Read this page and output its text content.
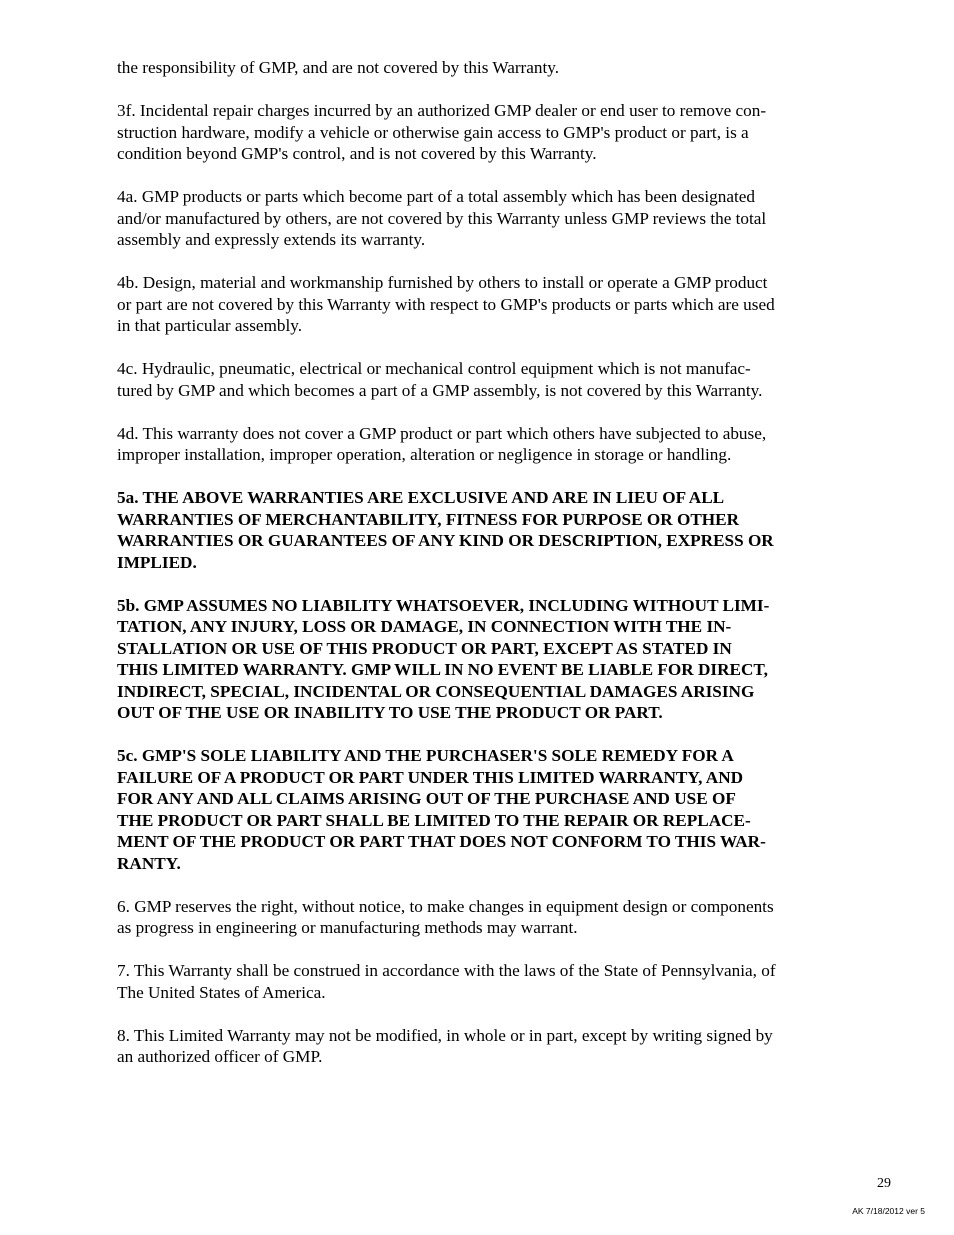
the responsibility of GMP, and are not covered by this Warranty.
3f. Incidental repair charges incurred by an authorized GMP dealer or end user to remove con-
struction hardware, modify a vehicle or otherwise gain access to GMP's product or part, is a
condition beyond GMP's control, and is not covered by this Warranty.
4a. GMP products or parts which become part of a total assembly which has been designated
and/or manufactured by others, are not covered by this Warranty unless GMP reviews the total
assembly and expressly extends its warranty.
4b. Design, material and workmanship furnished by others to install or operate a GMP product
or part are not covered by this Warranty with respect to GMP's products or parts which are used
in that particular assembly.
4c. Hydraulic, pneumatic, electrical or mechanical control equipment which is not manufac-
tured by GMP and which becomes a part of a GMP assembly, is not covered by this Warranty.
4d. This warranty does not cover a GMP product or part which others have subjected to abuse,
improper installation, improper operation, alteration or negligence in storage or handling.
5a. THE ABOVE WARRANTIES ARE EXCLUSIVE AND ARE IN LIEU OF ALL
WARRANTIES OF MERCHANTABILITY, FITNESS FOR PURPOSE OR OTHER
WARRANTIES OR GUARANTEES OF ANY KIND OR DESCRIPTION, EXPRESS OR
IMPLIED.
5b. GMP ASSUMES NO LIABILITY WHATSOEVER, INCLUDING WITHOUT LIMI-
TATION, ANY INJURY, LOSS OR DAMAGE, IN CONNECTION WITH THE IN-
STALLATION OR USE OF THIS PRODUCT OR PART, EXCEPT AS STATED IN
THIS LIMITED WARRANTY. GMP WILL IN NO EVENT BE LIABLE FOR DIRECT,
INDIRECT, SPECIAL, INCIDENTAL OR CONSEQUENTIAL DAMAGES ARISING
OUT OF THE USE OR INABILITY TO USE THE PRODUCT OR PART.
5c. GMP'S SOLE LIABILITY AND THE PURCHASER'S SOLE REMEDY FOR A
FAILURE OF A PRODUCT OR PART UNDER THIS LIMITED WARRANTY, AND
FOR ANY AND ALL CLAIMS ARISING OUT OF THE PURCHASE AND USE OF
THE PRODUCT OR PART SHALL BE LIMITED TO THE REPAIR OR REPLACE-
MENT OF THE PRODUCT OR PART THAT DOES NOT CONFORM TO THIS WAR-
RANTY.
6. GMP reserves the right, without notice, to make changes in equipment design or components
as progress in engineering or manufacturing methods may warrant.
7. This Warranty shall be construed in accordance with the laws of the State of Pennsylvania, of
The United States of America.
8. This Limited Warranty may not be modified, in whole or in part, except by writing signed by
an authorized officer of GMP.
29
AK 7/18/2012 ver 5
